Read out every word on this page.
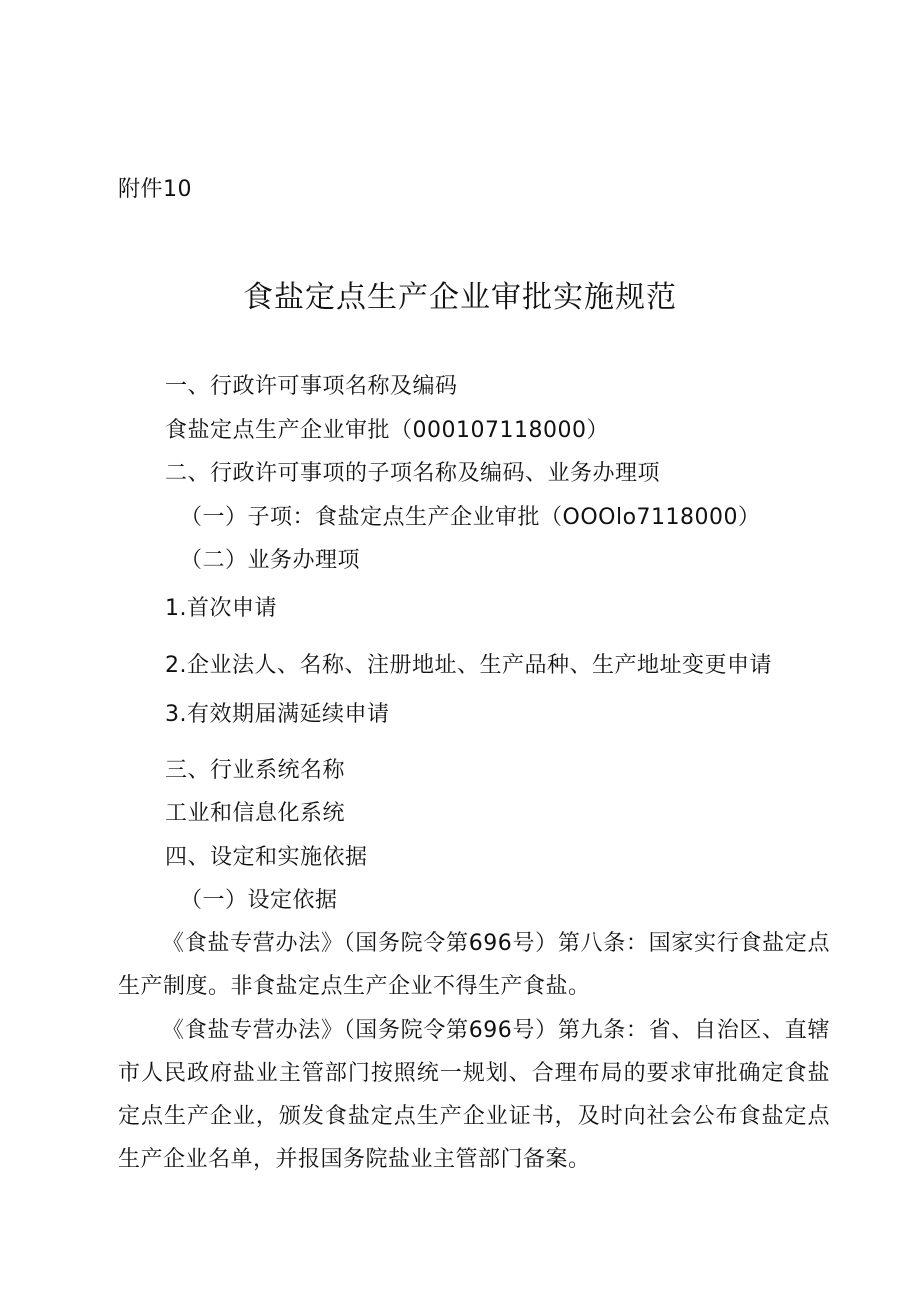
附件10
食盐定点生产企业审批实施规范
一、行政许可事项名称及编码
食盐定点生产企业审批（000107118000）
二、行政许可事项的子项名称及编码、业务办理项
（一）子项：食盐定点生产企业审批（OOOlo7118000）
（二）业务办理项
1.首次申请
2.企业法人、名称、注册地址、生产品种、生产地址变更申请
3.有效期届满延续申请
三、行业系统名称
工业和信息化系统
四、设定和实施依据
（一）设定依据
《食盐专营办法》（国务院令第696号）第八条：国家实行食盐定点生产制度。非食盐定点生产企业不得生产食盐。
《食盐专营办法》（国务院令第696号）第九条：省、自治区、直辖市人民政府盐业主管部门按照统一规划、合理布局的要求审批确定食盐定点生产企业，颁发食盐定点生产企业证书，及时向社会公布食盐定点生产企业名单，并报国务院盐业主管部门备案。
